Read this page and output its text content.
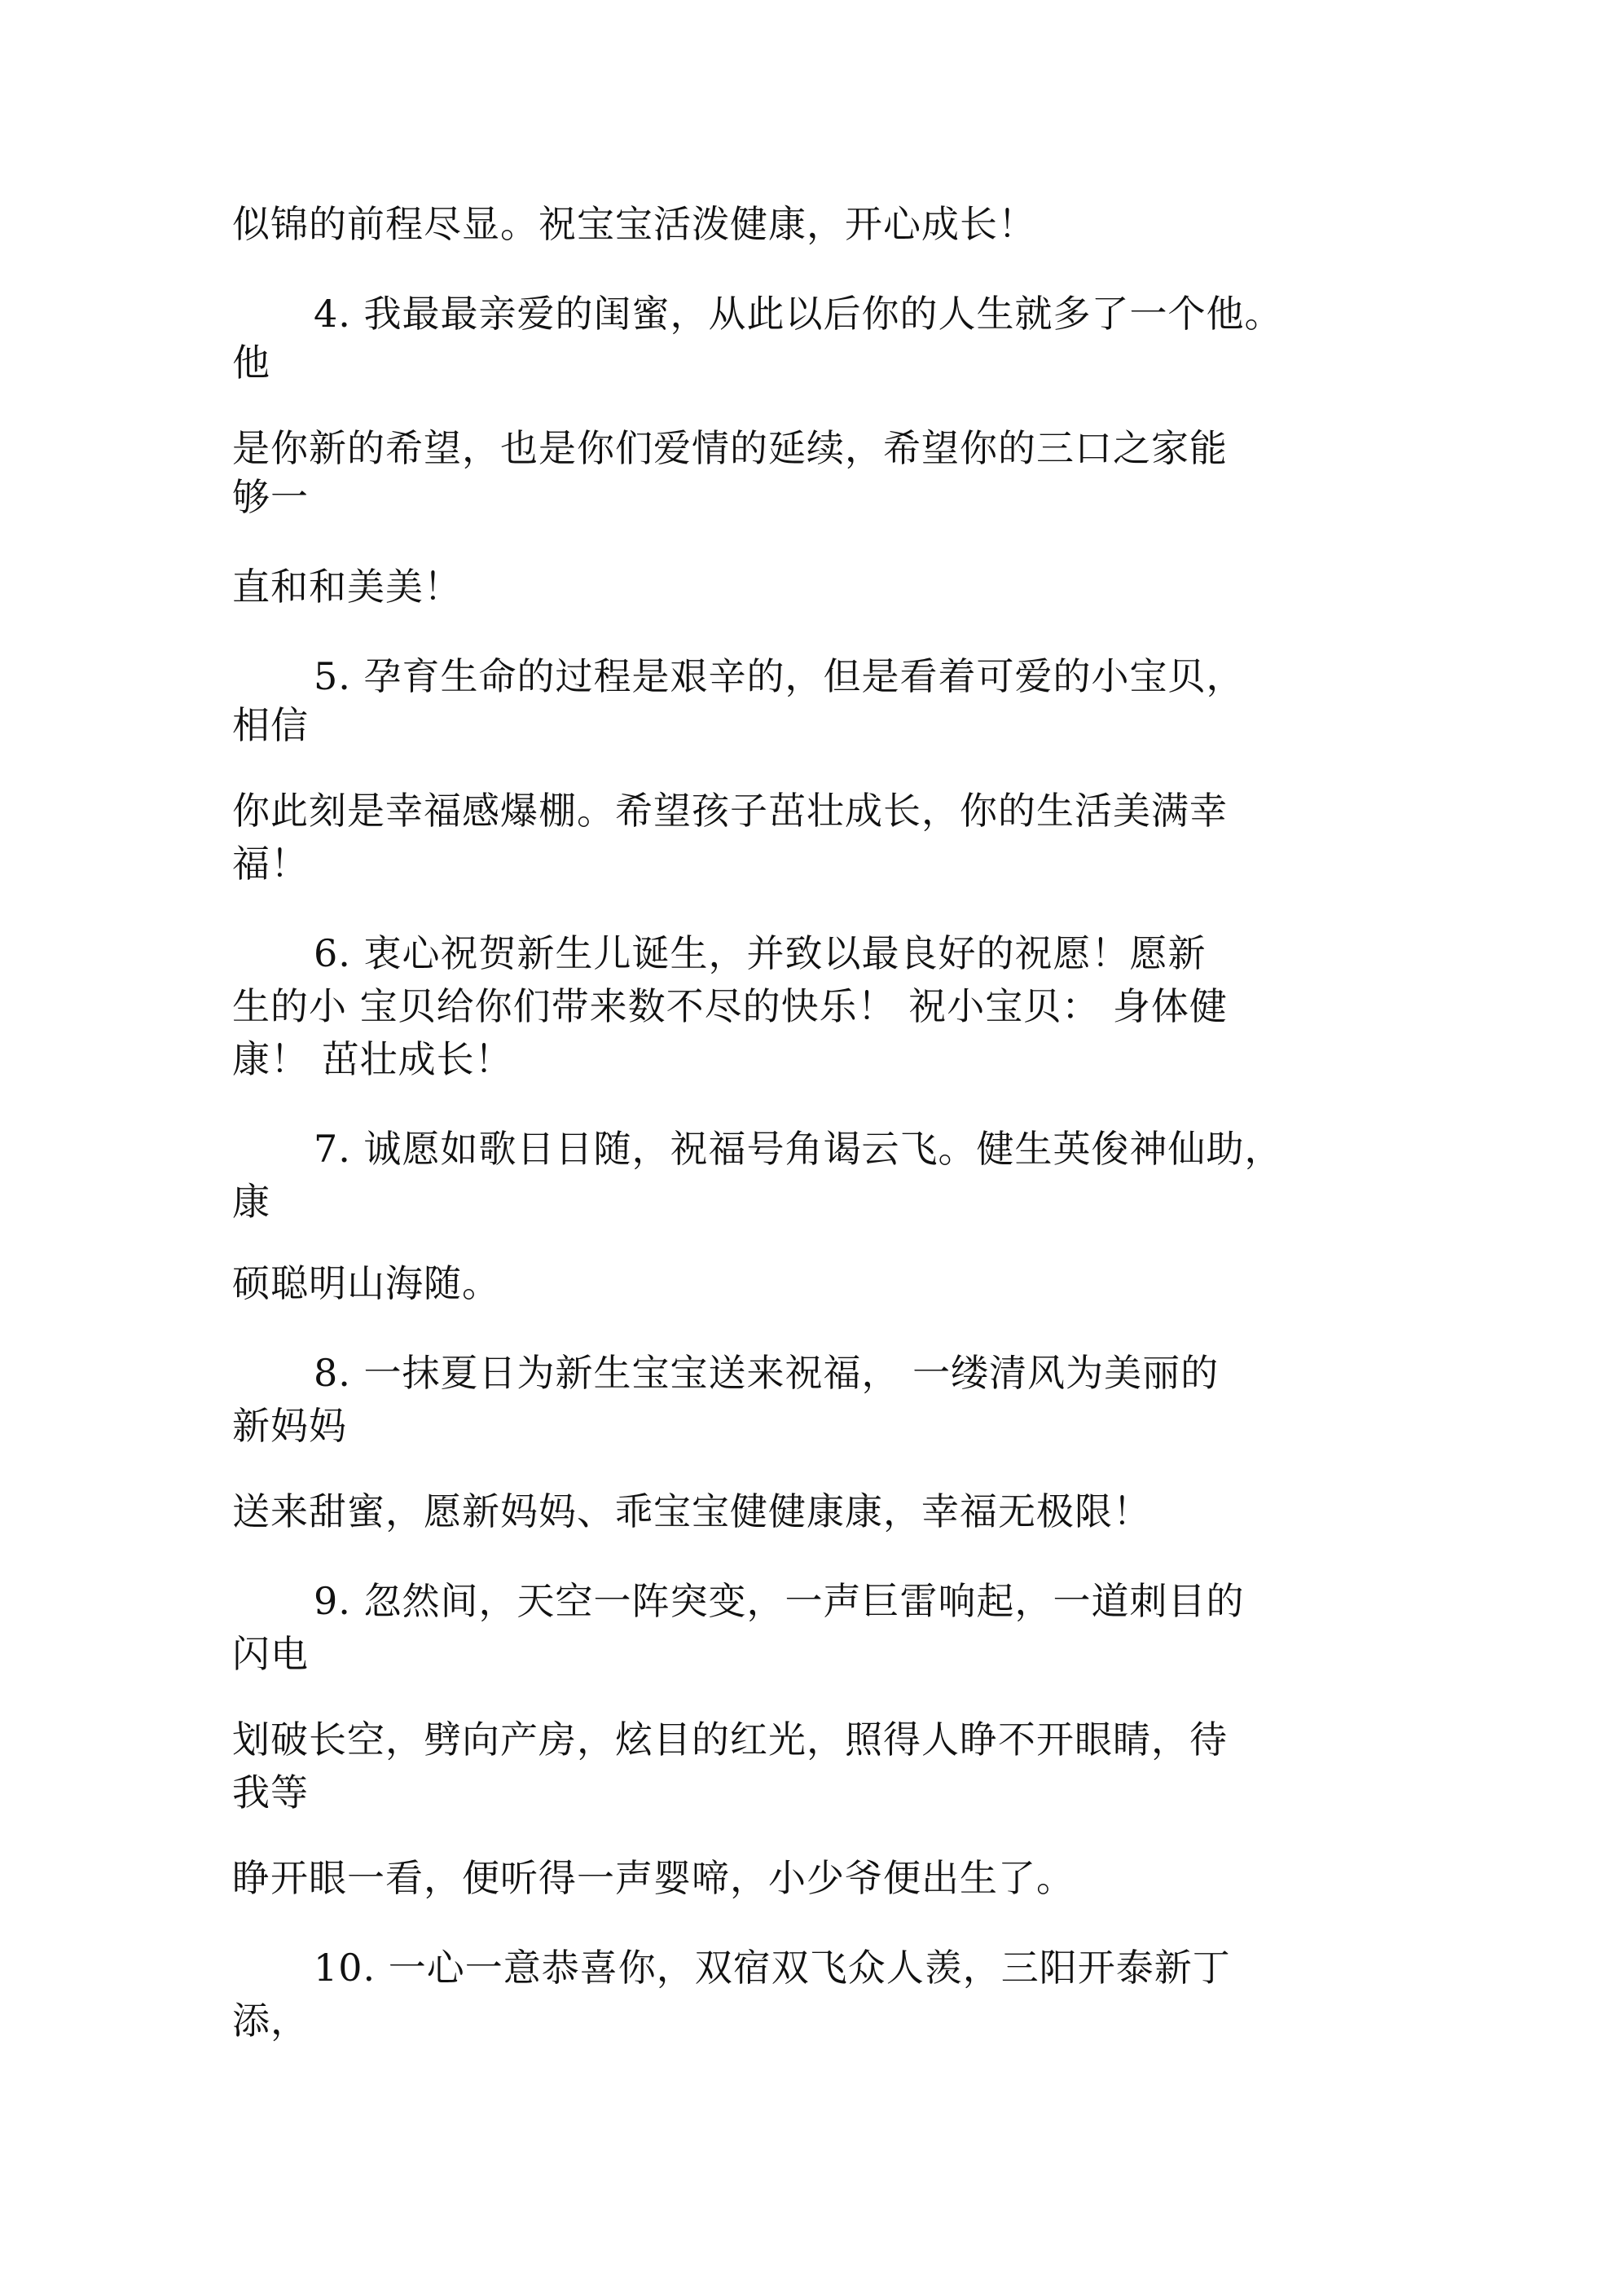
似锦的前程尽显。祝宝宝活泼健康，开心成长！
4. 我最最亲爱的闺蜜，从此以后你的人生就多了一个他。
他
是你新的希望，也是你们爱情的延续，希望你的三口之家能
够一
直和和美美！
5. 孕育生命的过程是艰辛的，但是看着可爱的小宝贝，
相信
你此刻是幸福感爆棚。希望孩子茁壮成长，你的生活美满幸
福！
6. 衷心祝贺新生儿诞生，并致以最良好的祝愿！愿新
生的小 宝贝给你们带来数不尽的快乐！ 祝小宝贝： 身体健
康！ 茁壮成长！
7. 诚愿如歌日日随，祝福号角谒云飞。健生英俊神仙助，
康
硕聪明山海随。
8. 一抹夏日为新生宝宝送来祝福， 一缕清风为美丽的
新妈妈
送来甜蜜，愿新妈妈、乖宝宝健健康康，幸福无极限！
9. 忽然间，天空一阵突变，一声巨雷响起，一道刺目的
闪电
划破长空，劈向产房，炫目的红光，照得人睁不开眼睛，待
我等
睁开眼一看，便听得一声婴啼，小少爷便出生了。
10. 一心一意恭喜你，双宿双飞众人羡，三阳开泰新丁
添，
